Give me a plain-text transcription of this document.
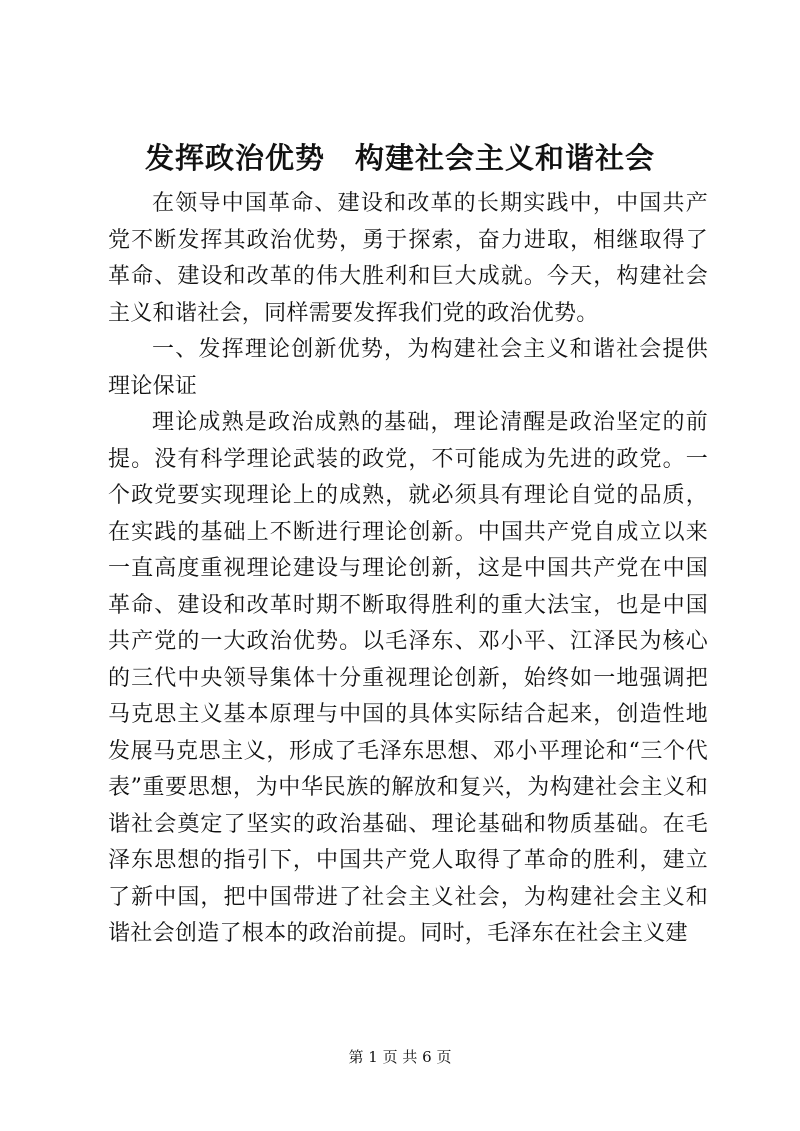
发挥政治优势　构建社会主义和谐社会

在领导中国革命、建设和改革的长期实践中，中国共产党不断发挥其政治优势，勇于探索，奋力进取，相继取得了革命、建设和改革的伟大胜利和巨大成就。今天，构建社会主义和谐社会，同样需要发挥我们党的政治优势。

一、发挥理论创新优势，为构建社会主义和谐社会提供理论保证

理论成熟是政治成熟的基础，理论清醒是政治坚定的前提。没有科学理论武装的政党，不可能成为先进的政党。一个政党要实现理论上的成熟，就必须具有理论自觉的品质，在实践的基础上不断进行理论创新。中国共产党自成立以来一直高度重视理论建设与理论创新，这是中国共产党在中国革命、建设和改革时期不断取得胜利的重大法宝，也是中国共产党的一大政治优势。以毛泽东、邓小平、江泽民为核心的三代中央领导集体十分重视理论创新，始终如一地强调把马克思主义基本原理与中国的具体实际结合起来，创造性地发展马克思主义，形成了毛泽东思想、邓小平理论和“三个代表”重要思想，为中华民族的解放和复兴，为构建社会主义和谐社会奠定了坚实的政治基础、理论基础和物质基础。在毛泽东思想的指引下，中国共产党人取得了革命的胜利，建立了新中国，把中国带进了社会主义社会，为构建社会主义和谐社会创造了根本的政治前提。同时，毛泽东在社会主义建

第 1 页 共 6 页
